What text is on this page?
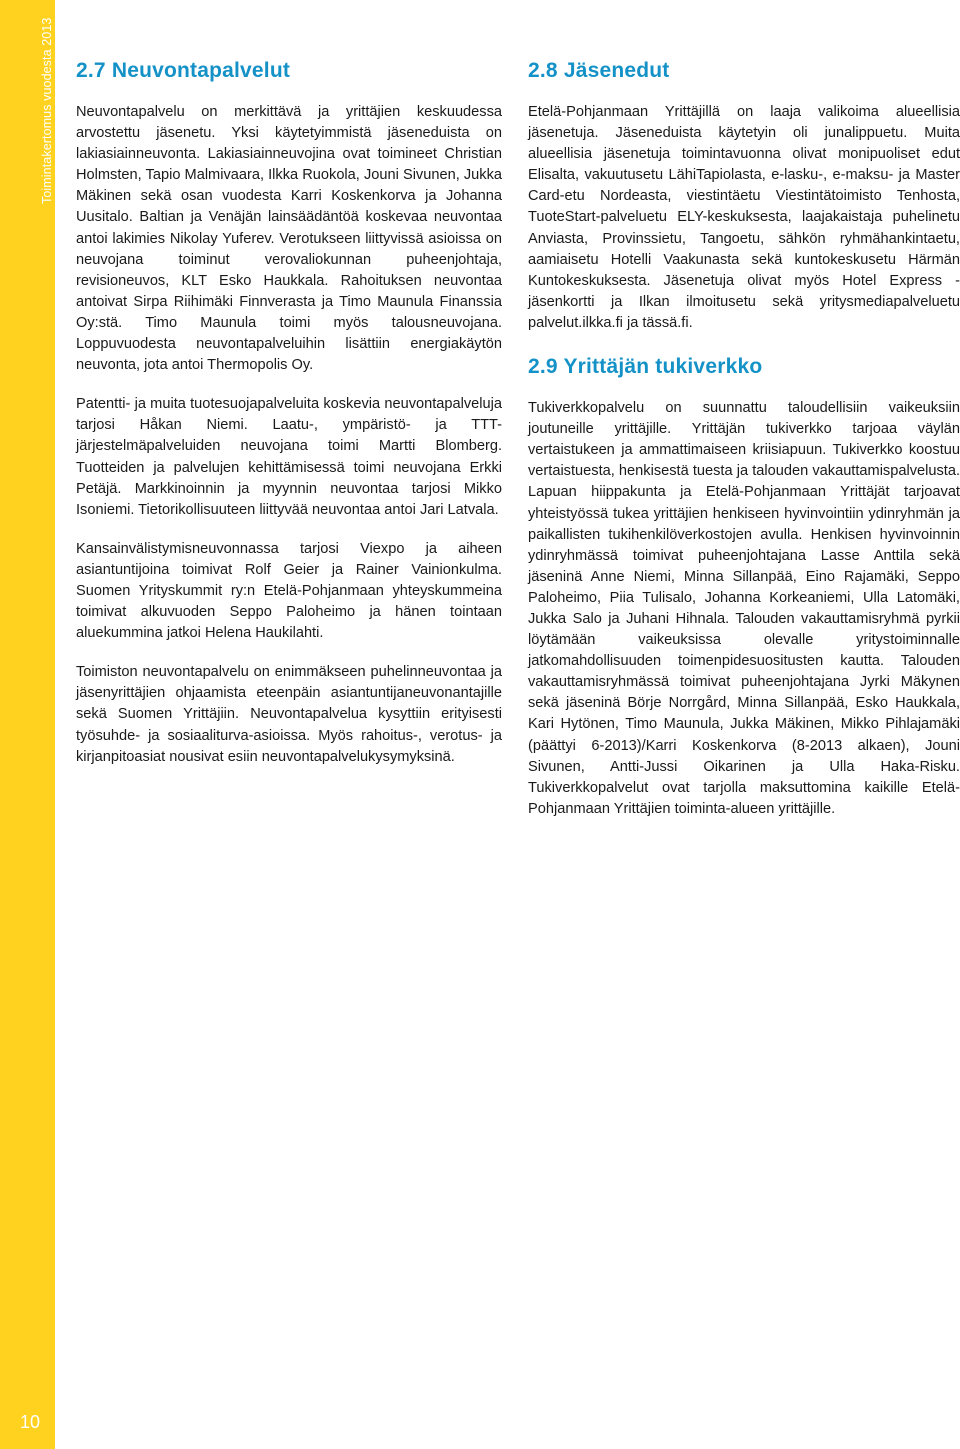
Toimintakertomus vuodesta 2013
10
2.7 Neuvontapalvelut

Neuvontapalvelu on merkittävä ja yrittäjien keskuudessa arvostettu jäsenetu. Yksi käytetyimmistä jäseneduista on lakiasiainneuvonta. Lakiasiainneuvojina ovat toimineet Christian Holmsten, Tapio Malmivaara, Ilkka Ruokola, Jouni Sivunen, Jukka Mäkinen sekä osan vuodesta Karri Koskenkorva ja Johanna Uusitalo. Baltian ja Venäjän lainsäädäntöä koskevaa neuvontaa antoi lakimies Nikolay Yuferev. Verotukseen liittyvissä asioissa on neuvojana toiminut verovaliokunnan puheenjohtaja, revisioneuvos, KLT Esko Haukkala. Rahoituksen neuvontaa antoivat Sirpa Riihimäki Finnverasta ja Timo Maunula Finanssia Oy:stä. Timo Maunula toimi myös talousneuvojana. Loppuvuodesta neuvontapalveluihin lisättiin energiakäytön neuvonta, jota antoi Thermopolis Oy.

Patentti- ja muita tuotesuojapalveluita koskevia neuvontapalveluja tarjosi Håkan Niemi. Laatu-, ympäristö- ja TTT-järjestelmäpalveluiden neuvojana toimi Martti Blomberg. Tuotteiden ja palvelujen kehittämisessä toimi neuvojana Erkki Petäjä. Markkinoinnin ja myynnin neuvontaa tarjosi Mikko Isoniemi. Tietorikollisuuteen liittyvää neuvontaa antoi Jari Latvala.

Kansainvälistymisneuvonnassa tarjosi Viexpo ja aiheen asiantuntijoina toimivat Rolf Geier ja Rainer Vainionkulma. Suomen Yrityskummit ry:n Etelä-Pohjanmaan yhteyskummeina toimivat alkuvuoden Seppo Paloheimo ja hänen tointaan aluekummina jatkoi Helena Haukilahti.

Toimiston neuvontapalvelu on enimmäkseen puhelinneuvontaa ja jäsenyrittäjien ohjaamista eteenpäin asiantuntijaneuvonantajille sekä Suomen Yrittäjiin. Neuvontapalvelua kysyttiin erityisesti työsuhde- ja sosiaaliturva-asioissa. Myös rahoitus-, verotus- ja kirjanpitoasiat nousivat esiin neuvontapalvelukysymyksinä.

2.8 Jäsenedut

Etelä-Pohjanmaan Yrittäjillä on laaja valikoima alueellisia jäsenetuja. Jäseneduista käytetyin oli junalippuetu. Muita alueellisia jäsenetuja toimintavuonna olivat monipuoliset edut Elisalta, vakuutusetu LähiTapiolasta, e-lasku-, e-maksu- ja Master Card-etu Nordeasta, viestintäetu Viestintätoimisto Tenhosta, TuoteStart-palveluetu ELY-keskuksesta, laajakaistaja puhelinetu Anviasta, Provinssietu, Tangoetu, sähkön ryhmähankintaetu, aamiaisetu Hotelli Vaakunasta sekä kuntokeskusetu Härmän Kuntokeskuksesta. Jäsenetuja olivat myös Hotel Express -jäsenkortti ja Ilkan ilmoitusetu sekä yritysmediapalveluetu palvelut.ilkka.fi ja tässä.fi.

2.9 Yrittäjän tukiverkko

Tukiverkkopalvelu on suunnattu taloudellisiin vaikeuksiin joutuneille yrittäjille. Yrittäjän tukiverkko tarjoaa väylän vertaistukeen ja ammattimaiseen kriisiapuun. Tukiverkko koostuu vertaistuesta, henkisestä tuesta ja talouden vakauttamispalvelusta. Lapuan hiippakunta ja Etelä-Pohjanmaan Yrittäjät tarjoavat yhteistyössä tukea yrittäjien henkiseen hyvinvointiin ydinryhmän ja paikallisten tukihenkilöverkostojen avulla. Henkisen hyvinvoinnin ydinryhmässä toimivat puheenjohtajana Lasse Anttila sekä jäseninä Anne Niemi, Minna Sillanpää, Eino Rajamäki, Seppo Paloheimo, Piia Tulisalo, Johanna Korkeaniemi, Ulla Latomäki, Jukka Salo ja Juhani Hihnala. Talouden vakauttamisryhmä pyrkii löytämään vaikeuksissa olevalle yritystoiminnalle jatkomahdollisuuden toimenpidesuositusten kautta. Talouden vakauttamisryhmässä toimivat puheenjohtajana Jyrki Mäkynen sekä jäseninä Börje Norrgård, Minna Sillanpää, Esko Haukkala, Kari Hytönen, Timo Maunula, Jukka Mäkinen, Mikko Pihlajamäki (päättyi 6-2013)/Karri Koskenkorva (8-2013 alkaen), Jouni Sivunen, Antti-Jussi Oikarinen ja Ulla Haka-Risku. Tukiverkkopalvelut ovat tarjolla maksuttomina kaikille Etelä-Pohjanmaan Yrittäjien toiminta-alueen yrittäjille.
